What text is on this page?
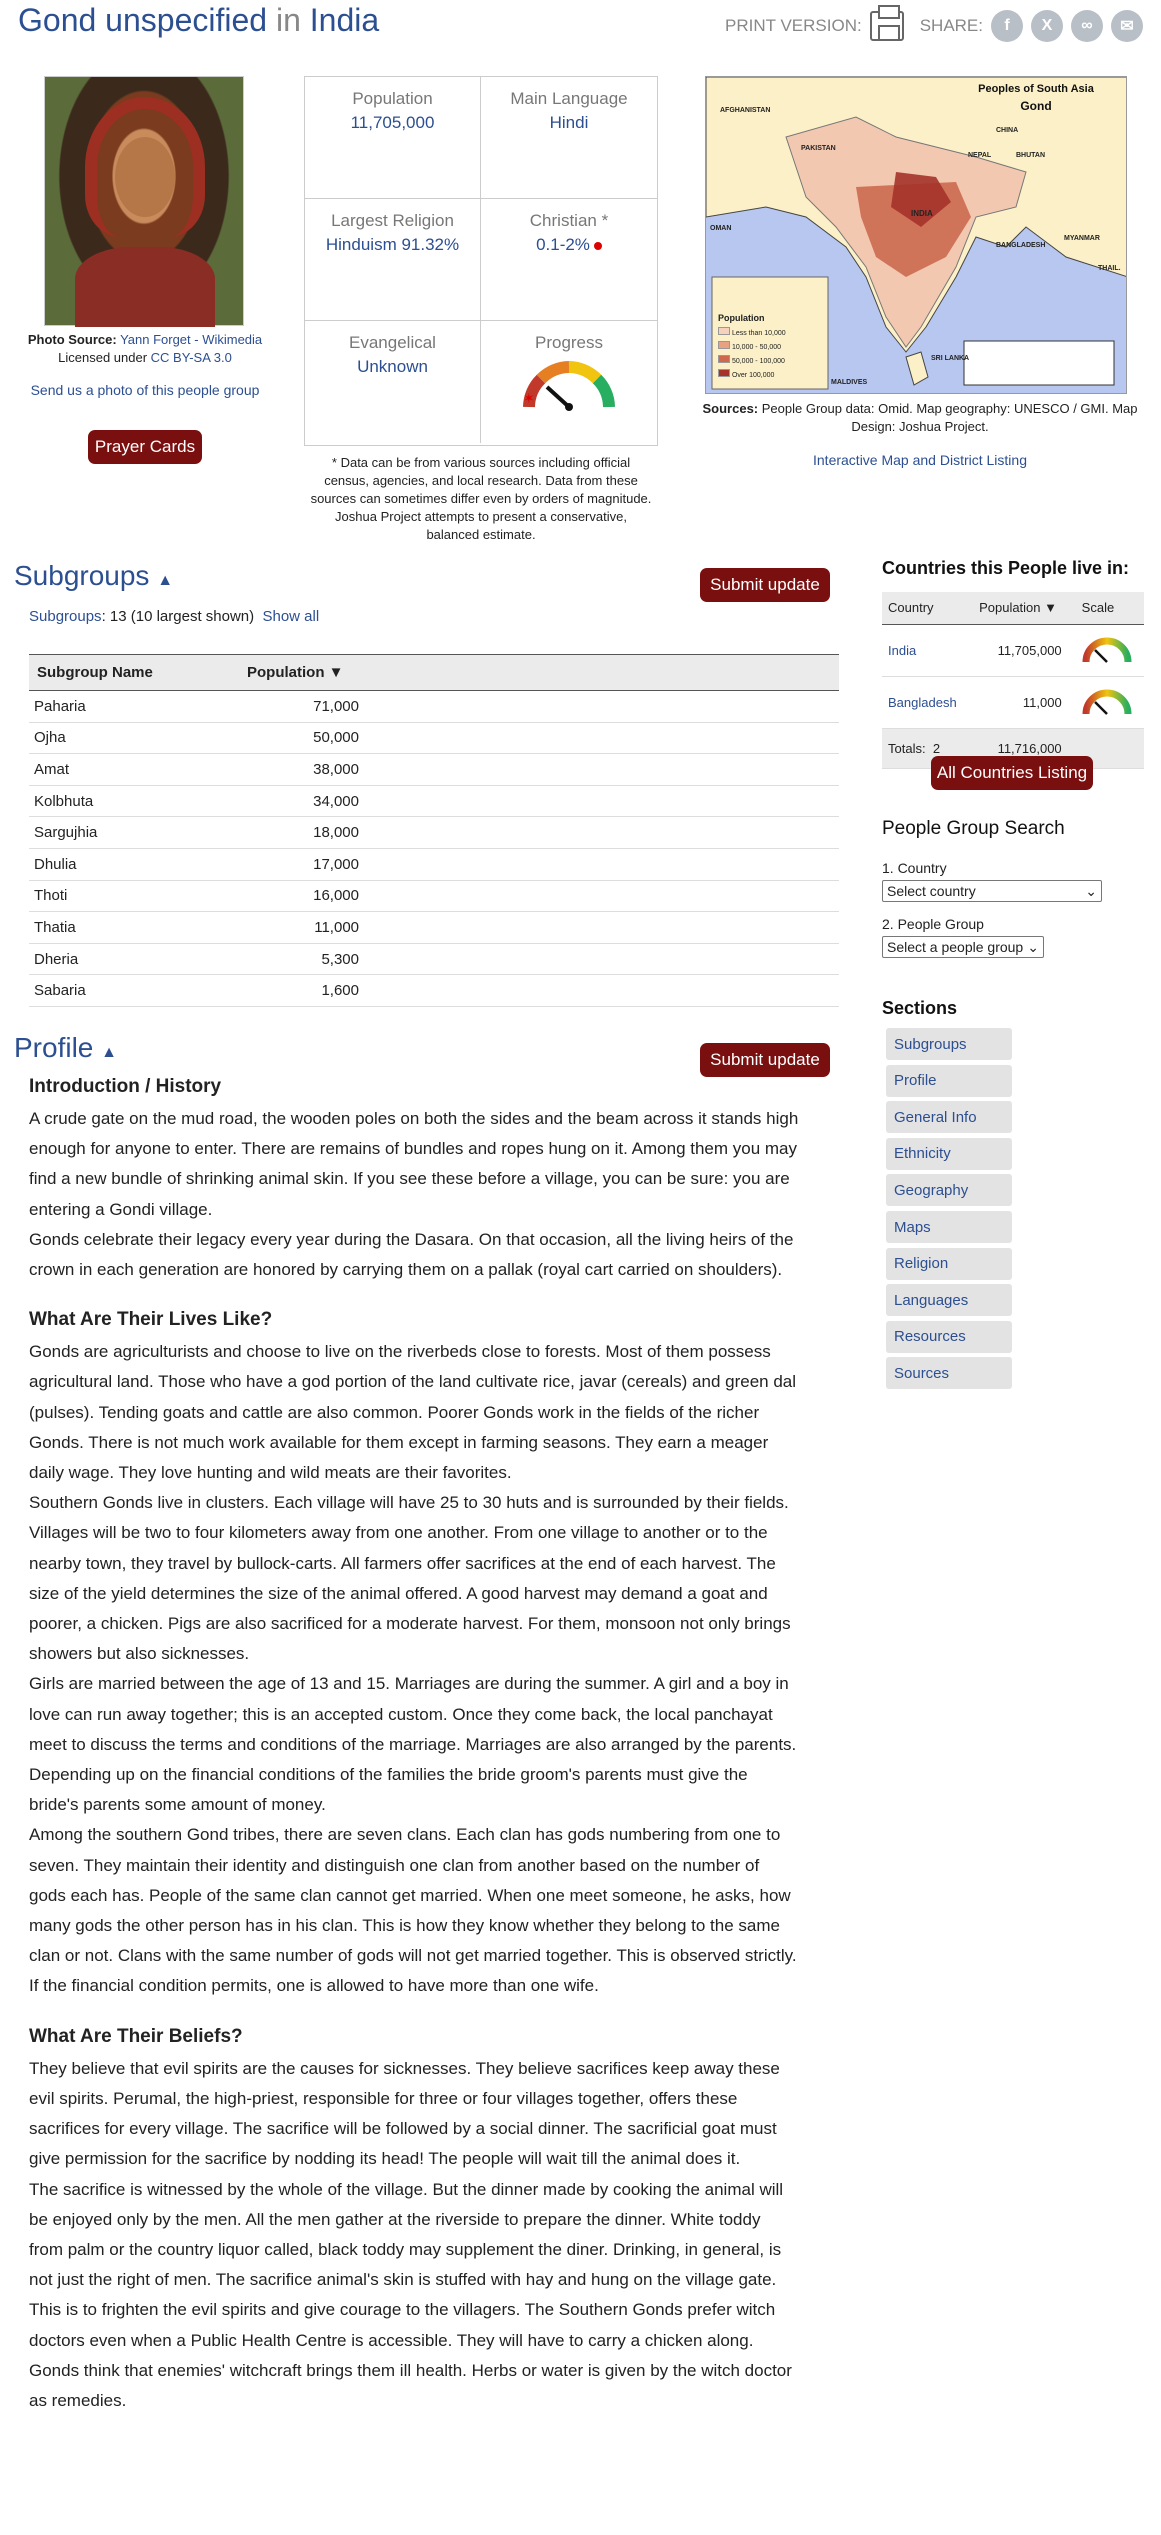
Gond unspecified in India	PRINT VERSION:	SHARE:	f	X	∞	✉
Photo Source: Yann Forget - Wikimedia
Licensed under CC BY-SA 3.0
Send us a photo of this people group
Prayer Cards
Population
11,705,000
Main Language
Hindi
Largest Religion
Hinduism 91.32%
Christian *
0.1-2%
Evangelical
Unknown
Progress
✶
* Data can be from various sources including official census, agencies, and local research. Data from these sources can sometimes differ even by orders of magnitude. Joshua Project attempts to present a conservative, balanced estimate.
Peoples of South Asia
Gond
AFGHANISTAN
PAKISTAN
CHINA
NEPAL	BHUTAN
INDIA
BANGLADESH
MYANMAR
OMAN
SRI LANKA
MALDIVES
THAIL.
Population
Less than 10,000
10,000 - 50,000
50,000 - 100,000
Over 100,000
Sources: People Group data: Omid. Map geography: UNESCO / GMI. Map Design: Joshua Project.
Interactive Map and District Listing
Subgroups ▲	Submit update
Subgroups: 13 (10 largest shown) Show all
Subgroup Name	Population ▼	
Paharia	71,000	
Ojha	50,000	
Amat	38,000	
Kolbhuta	34,000	
Sargujhia	18,000	
Dhulia	17,000	
Thoti	16,000	
Thatia	11,000	
Dheria	5,300	
Sabaria	1,600	
Profile ▲	Submit update
Introduction / History

A crude gate on the mud road, the wooden poles on both the sides and the beam across it stands high enough for anyone to enter. There are remains of bundles and ropes hung on it. Among them you may find a new bundle of shrinking animal skin. If you see these before a village, you can be sure: you are entering a Gondi village.

Gonds celebrate their legacy every year during the Dasara. On that occasion, all the living heirs of the crown in each generation are honored by carrying them on a pallak (royal cart carried on shoulders).

What Are Their Lives Like?

Gonds are agriculturists and choose to live on the riverbeds close to forests. Most of them possess agricultural land. Those who have a god portion of the land cultivate rice, javar (cereals) and green dal (pulses). Tending goats and cattle are also common. Poorer Gonds work in the fields of the richer Gonds. There is not much work available for them except in farming seasons. They earn a meager daily wage. They love hunting and wild meats are their favorites.

Southern Gonds live in clusters. Each village will have 25 to 30 huts and is surrounded by their fields. Villages will be two to four kilometers away from one another. From one village to another or to the nearby town, they travel by bullock-carts. All farmers offer sacrifices at the end of each harvest. The size of the yield determines the size of the animal offered. A good harvest may demand a goat and poorer, a chicken. Pigs are also sacrificed for a moderate harvest. For them, monsoon not only brings showers but also sicknesses.

Girls are married between the age of 13 and 15. Marriages are during the summer. A girl and a boy in love can run away together; this is an accepted custom. Once they come back, the local panchayat meet to discuss the terms and conditions of the marriage. Marriages are also arranged by the parents. Depending up on the financial conditions of the families the bride groom's parents must give the bride's parents some amount of money.

Among the southern Gond tribes, there are seven clans. Each clan has gods numbering from one to seven. They maintain their identity and distinguish one clan from another based on the number of gods each has. People of the same clan cannot get married. When one meet someone, he asks, how many gods the other person has in his clan. This is how they know whether they belong to the same clan or not. Clans with the same number of gods will not get married together. This is observed strictly. If the financial condition permits, one is allowed to have more than one wife.

What Are Their Beliefs?

They believe that evil spirits are the causes for sicknesses. They believe sacrifices keep away these evil spirits. Perumal, the high-priest, responsible for three or four villages together, offers these sacrifices for every village. The sacrifice will be followed by a social dinner. The sacrificial goat must give permission for the sacrifice by nodding its head! The people will wait till the animal does it.

The sacrifice is witnessed by the whole of the village. But the dinner made by cooking the animal will be enjoyed only by the men. All the men gather at the riverside to prepare the dinner. White toddy from palm or the country liquor called, black toddy may supplement the diner. Drinking, in general, is not just the right of men. The sacrifice animal's skin is stuffed with hay and hung on the village gate. This is to frighten the evil spirits and give courage to the villagers. The Southern Gonds prefer witch doctors even when a Public Health Centre is accessible. They will have to carry a chicken along. Gonds think that enemies' witchcraft brings them ill health. Herbs or water is given by the witch doctor as remedies.

Countries this People live in:
Country	Population ▼	Scale
India	11,705,000	

Bangladesh	11,000	

Totals: 2	11,716,000	
All Countries Listing
People Group Search
1. Country
Select country	⌄
2. People Group
Select a people group ⌄
Sections
Subgroups
Profile
General Info
Ethnicity
Geography
Maps
Religion
Languages
Resources
Sources
